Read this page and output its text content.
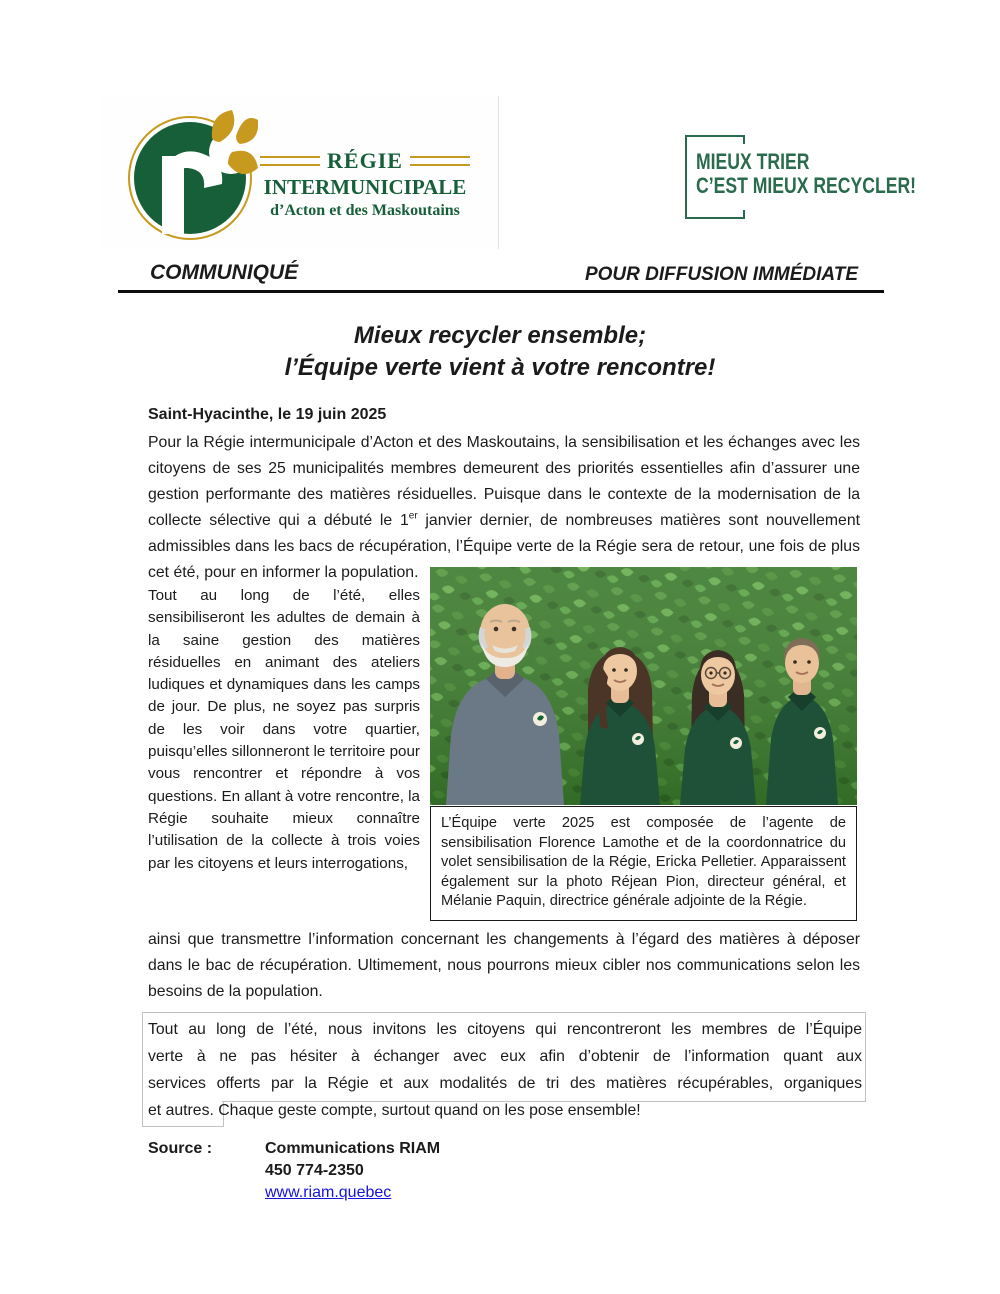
RÉGIE
INTERMUNICIPALE
d’Acton et des Maskoutains
MIEUX TRIER
C’EST MIEUX RECYCLER!
COMMUNIQUÉ	POUR DIFFUSION IMMÉDIATE
Mieux recycler ensemble;
l’Équipe verte vient à votre rencontre!
Saint-Hyacinthe, le 19 juin 2025
Pour la Régie intermunicipale d’Acton et des Maskoutains, la sensibilisation et les échanges avec les citoyens de ses 25 municipalités membres demeurent des priorités essentielles afin d’assurer une gestion performante des matières résiduelles. Puisque dans le contexte de la modernisation de la collecte sélective qui a débuté le 1er janvier dernier, de nombreuses matières sont nouvellement admissibles dans les bacs de récupération, l’Équipe verte de la Régie sera de retour, une fois de plus cet été, pour en informer la population.
Tout au long de l’été, elles sensibiliseront les adultes de demain à la saine gestion des matières résiduelles en animant des ateliers ludiques et dynamiques dans les camps de jour. De plus, ne soyez pas surpris de les voir dans votre quartier, puisqu’elles sillonneront le territoire pour vous rencontrer et répondre à vos questions. En allant à votre rencontre, la Régie souhaite mieux connaître l’utilisation de la collecte à trois voies par les citoyens et leurs interrogations,
L’Équipe verte 2025 est composée de l’agente de sensibilisation Florence Lamothe et de la coordonnatrice du volet sensibilisation de la Régie, Ericka Pelletier. Apparaissent également sur la photo Réjean Pion, directeur général, et Mélanie Paquin, directrice générale adjointe de la Régie.
ainsi que transmettre l’information concernant les changements à l’égard des matières à déposer dans le bac de récupération. Ultimement, nous pourrons mieux cibler nos communications selon les besoins de la population.
Tout au long de l’été, nous invitons les citoyens qui rencontreront les membres de l’Équipe
verte à ne pas hésiter à échanger avec eux afin d’obtenir de l’information quant aux
services offerts par la Régie et aux modalités de tri des matières récupérables, organiques
et autres. Chaque geste compte, surtout quand on les pose ensemble!
Source :	Communications RIAM
450 774-2350
www.riam.quebec
